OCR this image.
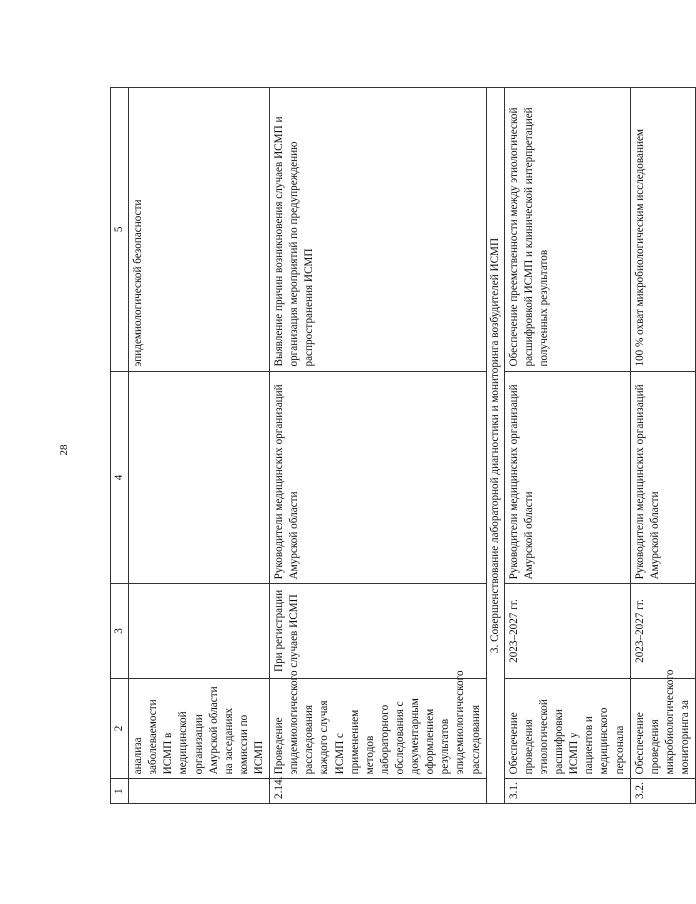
28
1	2	3	4	5
	анализа заболеваемости ИСМП в медицинской организации Амурской области на заседаниях комиссии по ИСМП			эпидемиологической безопасности
2.14.	Проведение эпидемиологического расследования каждого случая ИСМП с применением методов лабораторного обследования с документарным оформлением результатов эпидемиологического расследования	При регистрации случаев ИСМП	Руководители медицинских организаций Амурской области	Выявление причин возникновения случаев ИСМП и организация мероприятий по предупреждению распространения ИСМП
3. Совершенствование лабораторной диагностики и мониторинга возбудителей ИСМП				
3.1.	Обеспечение проведения этиологической расшифровки ИСМП у пациентов и медицинского персонала	2023–2027 гг.	Руководители медицинских организаций Амурской области	Обеспечение преемственности между этиологической расшифровкой ИСМП и клинической интерпретацией полученных результатов
3.2.	Обеспечение проведения микробиологического мониторинга за	2023–2027 гг.	Руководители медицинских организаций Амурской области	100 % охват микробиологическим исследованием
